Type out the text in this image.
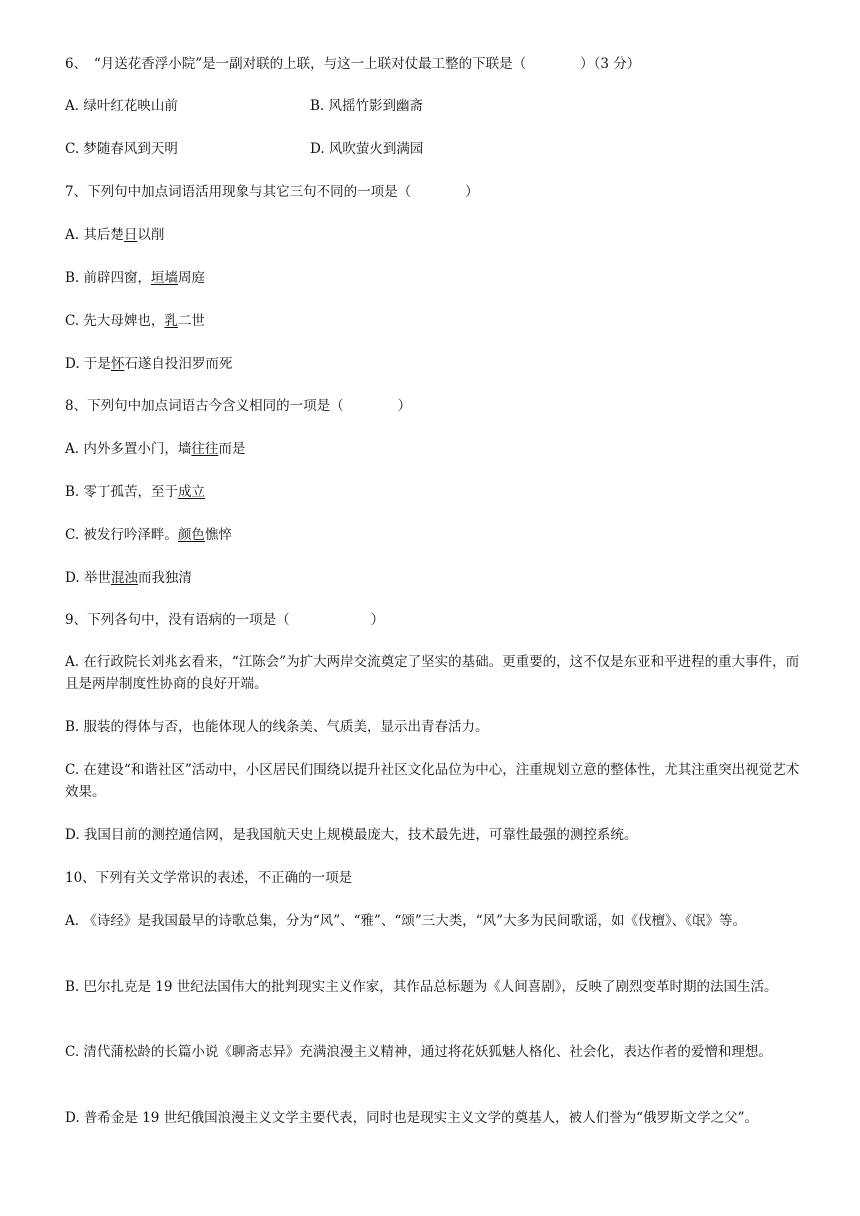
6、　“月送花香浮小院”是一副对联的上联，与这一上联对仗最工整的下联是（　　　　）（3 分）
A. 绿叶红花映山前	B. 风摇竹影到幽斋
C. 梦随春风到天明	D. 风吹萤火到满园
7、下列句中加点词语活用现象与其它三句不同的一项是（　　　　）
A. 其后楚日以削
B. 前辟四窗，垣墙周庭
C. 先大母婢也，乳二世
D. 于是怀石遂自投汨罗而死
8、下列句中加点词语古今含义相同的一项是（　　　　）
A. 内外多置小门，墙往往而是
B. 零丁孤苦，至于成立
C. 被发行吟泽畔。颜色憔悴
D. 举世混浊而我独清
9、下列各句中，没有语病的一项是（　　　　　　）
A. 在行政院长刘兆玄看来，“江陈会”为扩大两岸交流奠定了坚实的基础。更重要的，这不仅是东亚和平进程的重大事件，而且是两岸制度性协商的良好开端。
B. 服装的得体与否，也能体现人的线条美、气质美，显示出青春活力。
C. 在建设“和谐社区”活动中，小区居民们围绕以提升社区文化品位为中心，注重规划立意的整体性，尤其注重突出视觉艺术效果。
D. 我国目前的测控通信网，是我国航天史上规模最庞大，技术最先进，可靠性最强的测控系统。
10、下列有关文学常识的表述，不正确的一项是
A. 《诗经》是我国最早的诗歌总集，分为“风”、“雅”、“颂”三大类，“风”大多为民间歌谣，如《伐檀》、《氓》等。
B. 巴尔扎克是 19 世纪法国伟大的批判现实主义作家，其作品总标题为《人间喜剧》，反映了剧烈变革时期的法国生活。
C. 清代蒲松龄的长篇小说《聊斋志异》充满浪漫主义精神，通过将花妖狐魅人格化、社会化，表达作者的爱憎和理想。
D. 普希金是 19 世纪俄国浪漫主义文学主要代表，同时也是现实主义文学的奠基人，被人们誉为“俄罗斯文学之父”。
